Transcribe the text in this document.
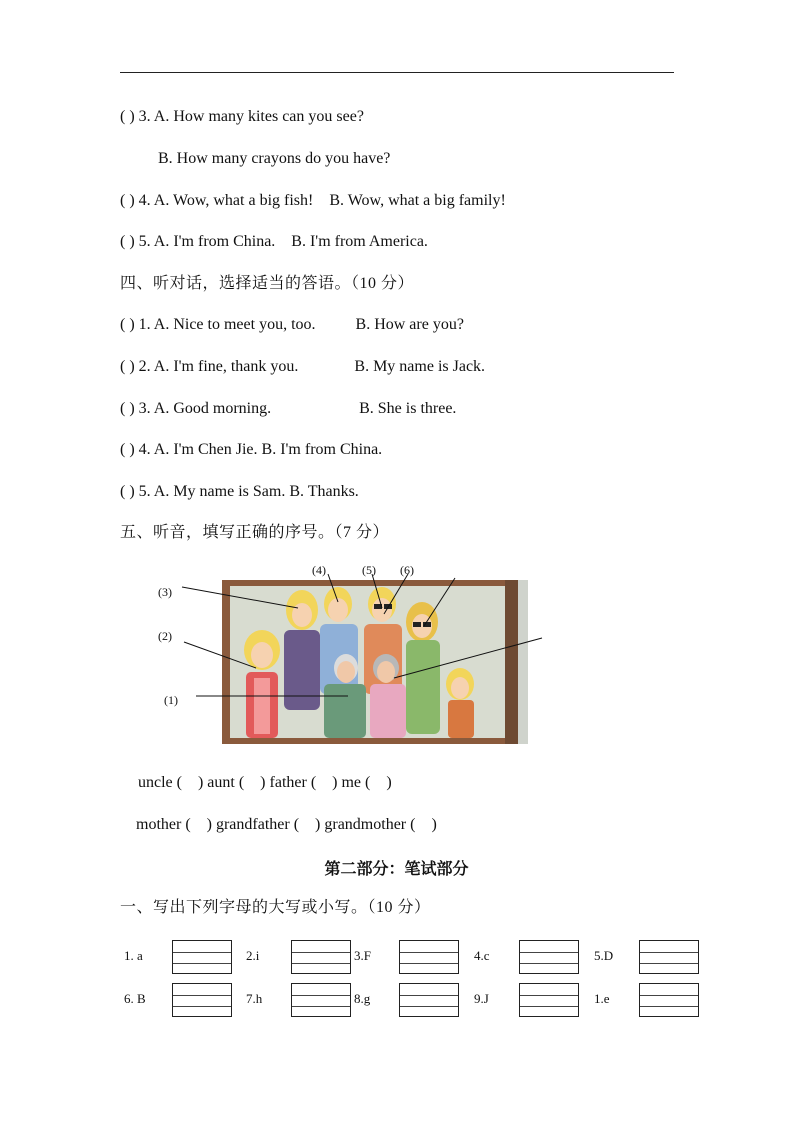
( ) 3. A. How many kites can you see?
B. How many crayons do you have?
( ) 4. A. Wow, what a big fish!    B. Wow, what a big family!
( ) 5. A. I'm from China.    B. I'm from America.
四、听对话，选择适当的答语。（10 分）
( ) 1. A. Nice to meet you, too.          B. How are you?
( ) 2. A. I'm fine, thank you.              B. My name is Jack.
( ) 3. A. Good morning.                      B. She is three.
( ) 4. A. I'm Chen Jie. B. I'm from China.
( ) 5. A. My name is Sam. B. Thanks.
五、听音，填写正确的序号。（7 分）
(3)
(2)
(1)
(4)	(5) (6)
uncle (    ) aunt (    ) father (    ) me (    )
mother (    ) grandfather (    ) grandmother (    )
第二部分：笔试部分
一、写出下列字母的大写或小写。（10 分）
1. a	2.i	3.F	4.c	5.D
6. B	7.h	8.g	9.J	1.e
